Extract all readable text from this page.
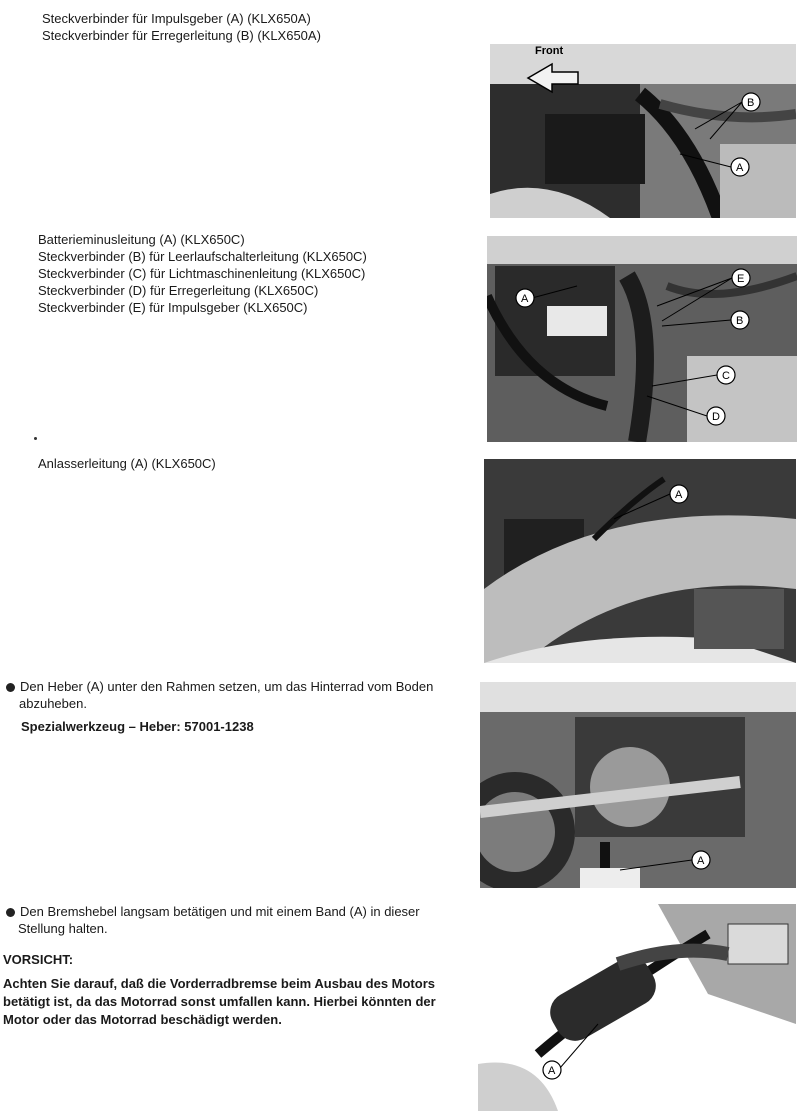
Steckverbinder für Impulsgeber (A) (KLX650A)
Steckverbinder für Erregerleitung (B) (KLX650A)
Front
B
A
Batterieminusleitung (A) (KLX650C)
Steckverbinder (B) für Leerlaufschalterleitung (KLX650C)
Steckverbinder (C) für Lichtmaschinenleitung (KLX650C)
Steckverbinder (D) für Erregerleitung (KLX650C)
Steckverbinder (E) für Impulsgeber (KLX650C)
A
E
B
C
D
Anlasserleitung (A) (KLX650C)
A
Den Heber (A) unter den Rahmen setzen, um das Hinterrad vom Boden
abzuheben.
Spezialwerkzeug – Heber: 57001-1238
A
Den Bremshebel langsam betätigen und mit einem Band (A) in dieser
Stellung halten.
VORSICHT:
Achten Sie darauf, daß die Vorderradbremse beim Ausbau des Motors
betätigt ist, da das Motorrad sonst umfallen kann. Hierbei könnten der
Motor oder das Motorrad beschädigt werden.
A
